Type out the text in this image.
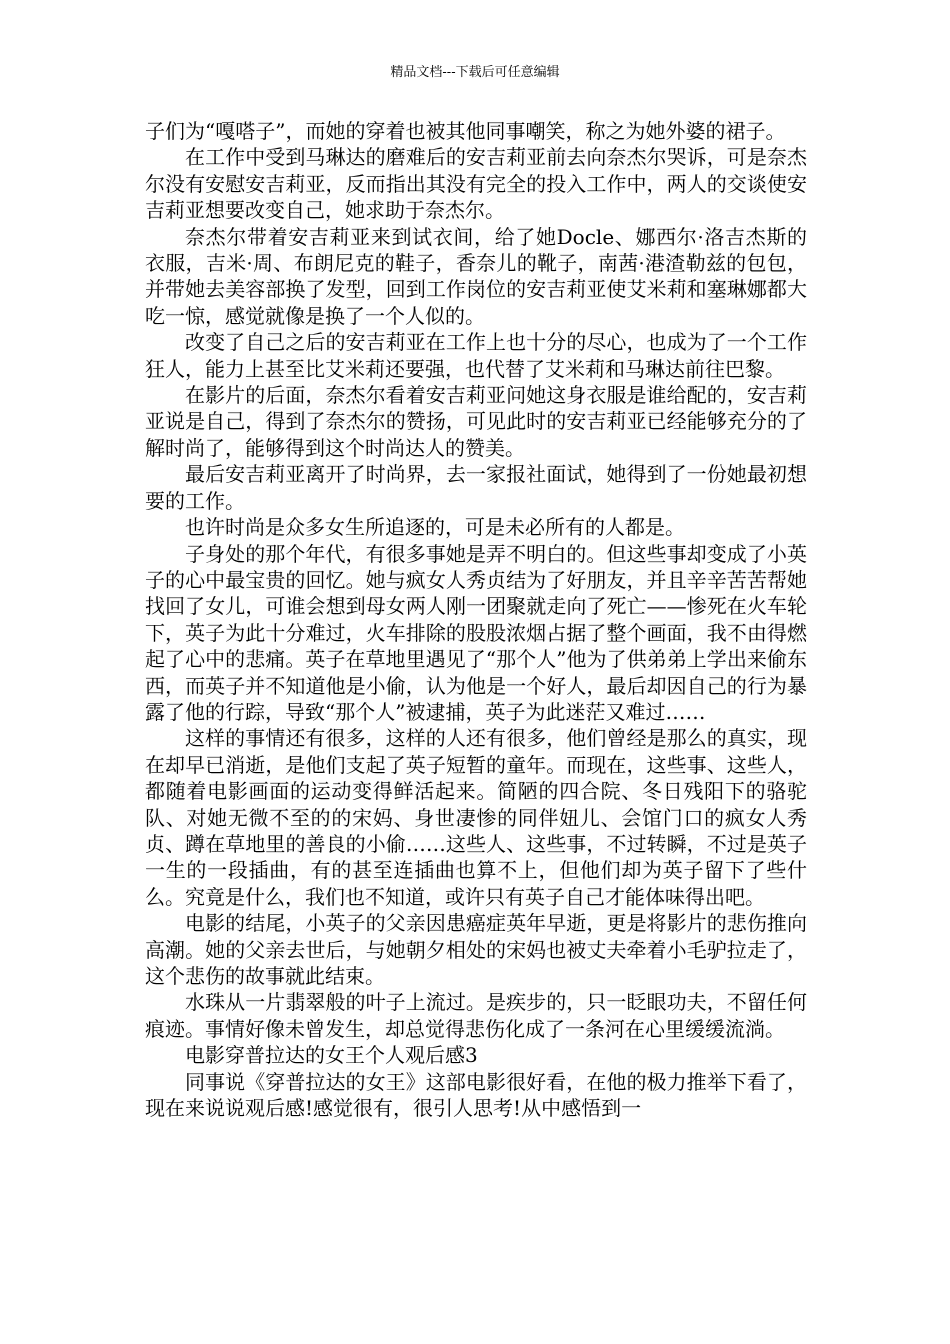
精品文档---下载后可任意编辑

子们为“嘎嗒子”，而她的穿着也被其他同事嘲笑，称之为她外婆的裙子。

在工作中受到马琳达的磨难后的安吉莉亚前去向奈杰尔哭诉，可是奈杰尔没有安慰安吉莉亚，反而指出其没有完全的投入工作中，两人的交谈使安吉莉亚想要改变自己，她求助于奈杰尔。

奈杰尔带着安吉莉亚来到试衣间，给了她Docle、娜西尔·洛吉杰斯的衣服，吉米·周、布朗尼克的鞋子，香奈儿的靴子，南茜·港渣勒兹的包包，并带她去美容部换了发型，回到工作岗位的安吉莉亚使艾米莉和塞琳娜都大吃一惊，感觉就像是换了一个人似的。

改变了自己之后的安吉莉亚在工作上也十分的尽心，也成为了一个工作狂人，能力上甚至比艾米莉还要强，也代替了艾米莉和马琳达前往巴黎。

在影片的后面，奈杰尔看着安吉莉亚问她这身衣服是谁给配的，安吉莉亚说是自己，得到了奈杰尔的赞扬，可见此时的安吉莉亚已经能够充分的了解时尚了，能够得到这个时尚达人的赞美。

最后安吉莉亚离开了时尚界，去一家报社面试，她得到了一份她最初想要的工作。

也许时尚是众多女生所追逐的，可是未必所有的人都是。

子身处的那个年代，有很多事她是弄不明白的。但这些事却变成了小英子的心中最宝贵的回忆。她与疯女人秀贞结为了好朋友，并且辛辛苦苦帮她找回了女儿，可谁会想到母女两人刚一团聚就走向了死亡——惨死在火车轮下，英子为此十分难过，火车排除的股股浓烟占据了整个画面，我不由得燃起了心中的悲痛。英子在草地里遇见了“那个人”他为了供弟弟上学出来偷东西，而英子并不知道他是小偷，认为他是一个好人，最后却因自己的行为暴露了他的行踪，导致“那个人”被逮捕，英子为此迷茫又难过……

这样的事情还有很多，这样的人还有很多，他们曾经是那么的真实，现在却早已消逝，是他们支起了英子短暂的童年。而现在，这些事、这些人，都随着电影画面的运动变得鲜活起来。简陋的四合院、冬日残阳下的骆驼队、对她无微不至的的宋妈、身世凄惨的同伴妞儿、会馆门口的疯女人秀贞、蹲在草地里的善良的小偷……这些人、这些事，不过转瞬，不过是英子一生的一段插曲，有的甚至连插曲也算不上，但他们却为英子留下了些什么。究竟是什么，我们也不知道，或许只有英子自己才能体味得出吧。

电影的结尾，小英子的父亲因患癌症英年早逝，更是将影片的悲伤推向高潮。她的父亲去世后，与她朝夕相处的宋妈也被丈夫牵着小毛驴拉走了，这个悲伤的故事就此结束。

水珠从一片翡翠般的叶子上流过。是疾步的，只一眨眼功夫，不留任何痕迹。事情好像未曾发生，却总觉得悲伤化成了一条河在心里缓缓流淌。

电影穿普拉达的女王个人观后感3

同事说《穿普拉达的女王》这部电影很好看，在他的极力推举下看了，现在来说说观后感!感觉很有，很引人思考!从中感悟到一
